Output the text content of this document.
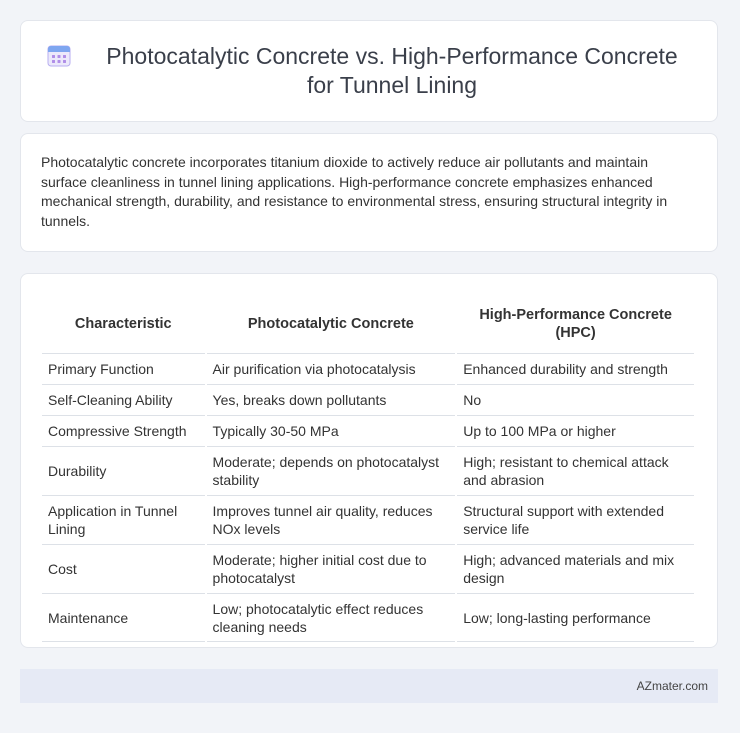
Photocatalytic Concrete vs. High-Performance Concrete for Tunnel Lining

Photocatalytic concrete incorporates titanium dioxide to actively reduce air pollutants and maintain surface cleanliness in tunnel lining applications. High-performance concrete emphasizes enhanced mechanical strength, durability, and resistance to environmental stress, ensuring structural integrity in tunnels.

Characteristic	Photocatalytic Concrete	High-Performance Concrete (HPC)
Primary Function	Air purification via photocatalysis	Enhanced durability and strength
Self-Cleaning Ability	Yes, breaks down pollutants	No
Compressive Strength	Typically 30-50 MPa	Up to 100 MPa or higher
Durability	Moderate; depends on photocatalyst stability	High; resistant to chemical attack and abrasion
Application in Tunnel Lining	Improves tunnel air quality, reduces NOx levels	Structural support with extended service life
Cost	Moderate; higher initial cost due to photocatalyst	High; advanced materials and mix design
Maintenance	Low; photocatalytic effect reduces cleaning needs	Low; long-lasting performance
AZmater.com
